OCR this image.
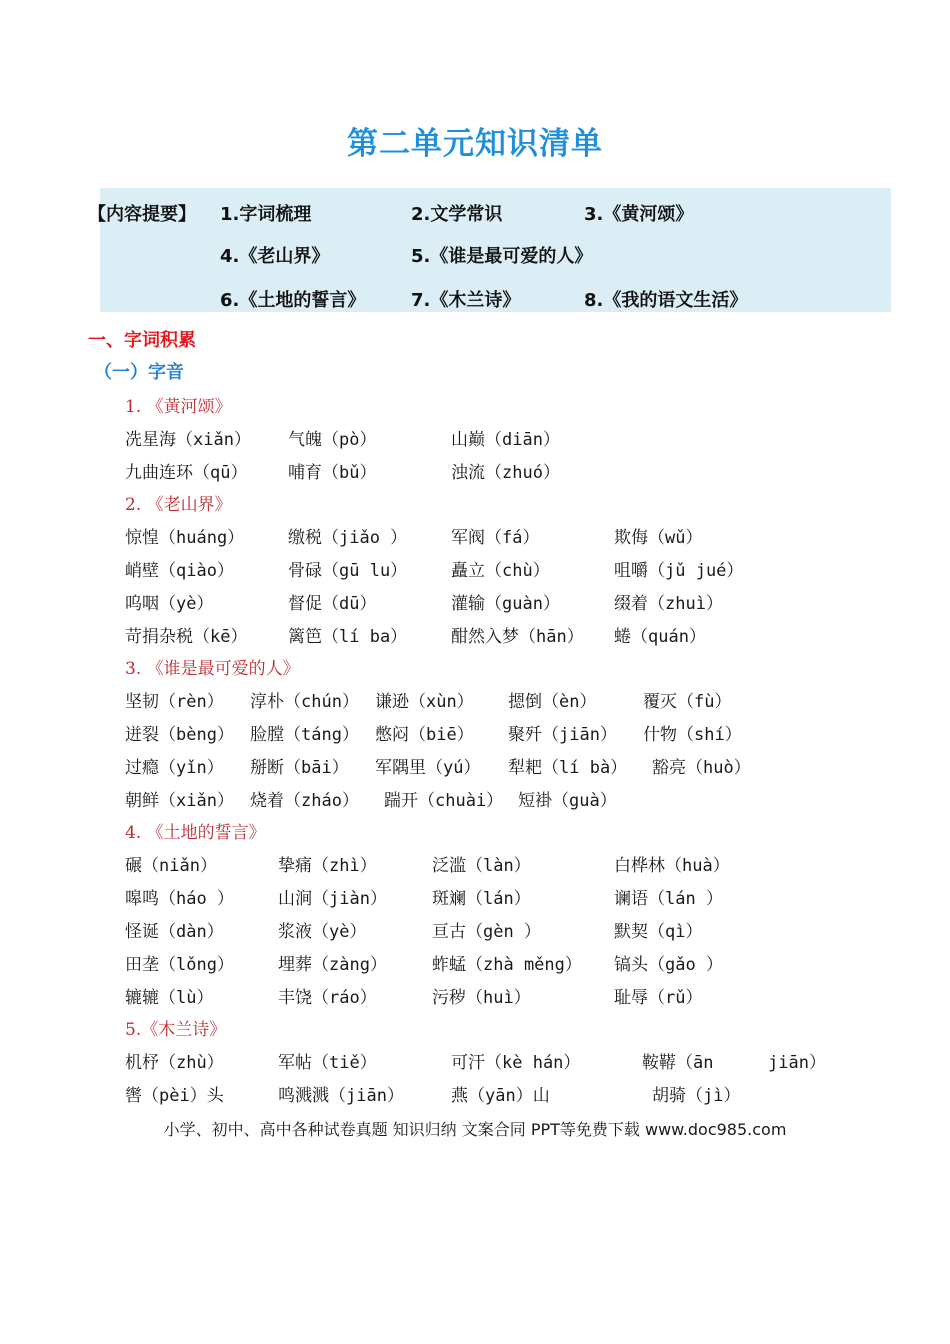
第二单元知识清单
【内容提要】 1.字词梳理	2.文学常识	3.《黄河颂》
4.《老山界》	5.《谁是最可爱的人》
6.《土地的誓言》	7.《木兰诗》	8.《我的语文生活》
一、字词积累
（一）字音
1. 《黄河颂》
冼星海（xiǎn） 气魄（pò）	山巅（diān）
九曲连环（qū） 哺育（bǔ）	浊流（zhuó）
2. 《老山界》
惊惶（huáng）	缴税（jiǎo ）	军阀（fá）	欺侮（wǔ）
峭壁（qiào）	骨碌（gū lu）	矗立（chù）	咀嚼（jǔ jué）
呜咽（yè）	督促（dū）	灌输（guàn）	缀着（zhuì）
苛捐杂税（kē） 篱笆（lí ba）	酣然入梦（hān） 蜷（quán）
3. 《谁是最可爱的人》
坚韧（rèn） 淳朴（chún） 谦逊（xùn） 摁倒（èn）	覆灭（fù）
迸裂（bèng） 脸膛（táng） 憋闷（biē） 聚歼（jiān） 什物（shí）
过瘾（yǐn） 掰断（bāi） 军隅里（yú） 犁耙（lí bà） 豁亮（huò）
朝鲜（xiǎn） 烧着（zháo） 踹开（chuài） 短褂（guà）
4. 《土地的誓言》
碾（niǎn）	挚痛（zhì）	泛滥（làn）	白桦林（huà）
嗥鸣（háo ）	山涧（jiàn）	斑斓（lán）	谰语（lán ）
怪诞（dàn）	浆液（yè）	亘古（gèn ）	默契（qì）
田垄（lǒng）	埋葬（zàng）	蚱蜢（zhà měng） 镐头（gǎo ）
辘辘（lù）	丰饶（ráo）	污秽（huì）	耻辱（rǔ）
5.《木兰诗》
机杼（zhù）	军帖（tiě）	可汗（kè hán）	鞍鞯（ān	jiān）
辔（pèi）头	鸣溅溅（jiān）	燕（yān）山	胡骑（jì）
小学、初中、高中各种试卷真题 知识归纳 文案合同 PPT等免费下载 www.doc985.com
